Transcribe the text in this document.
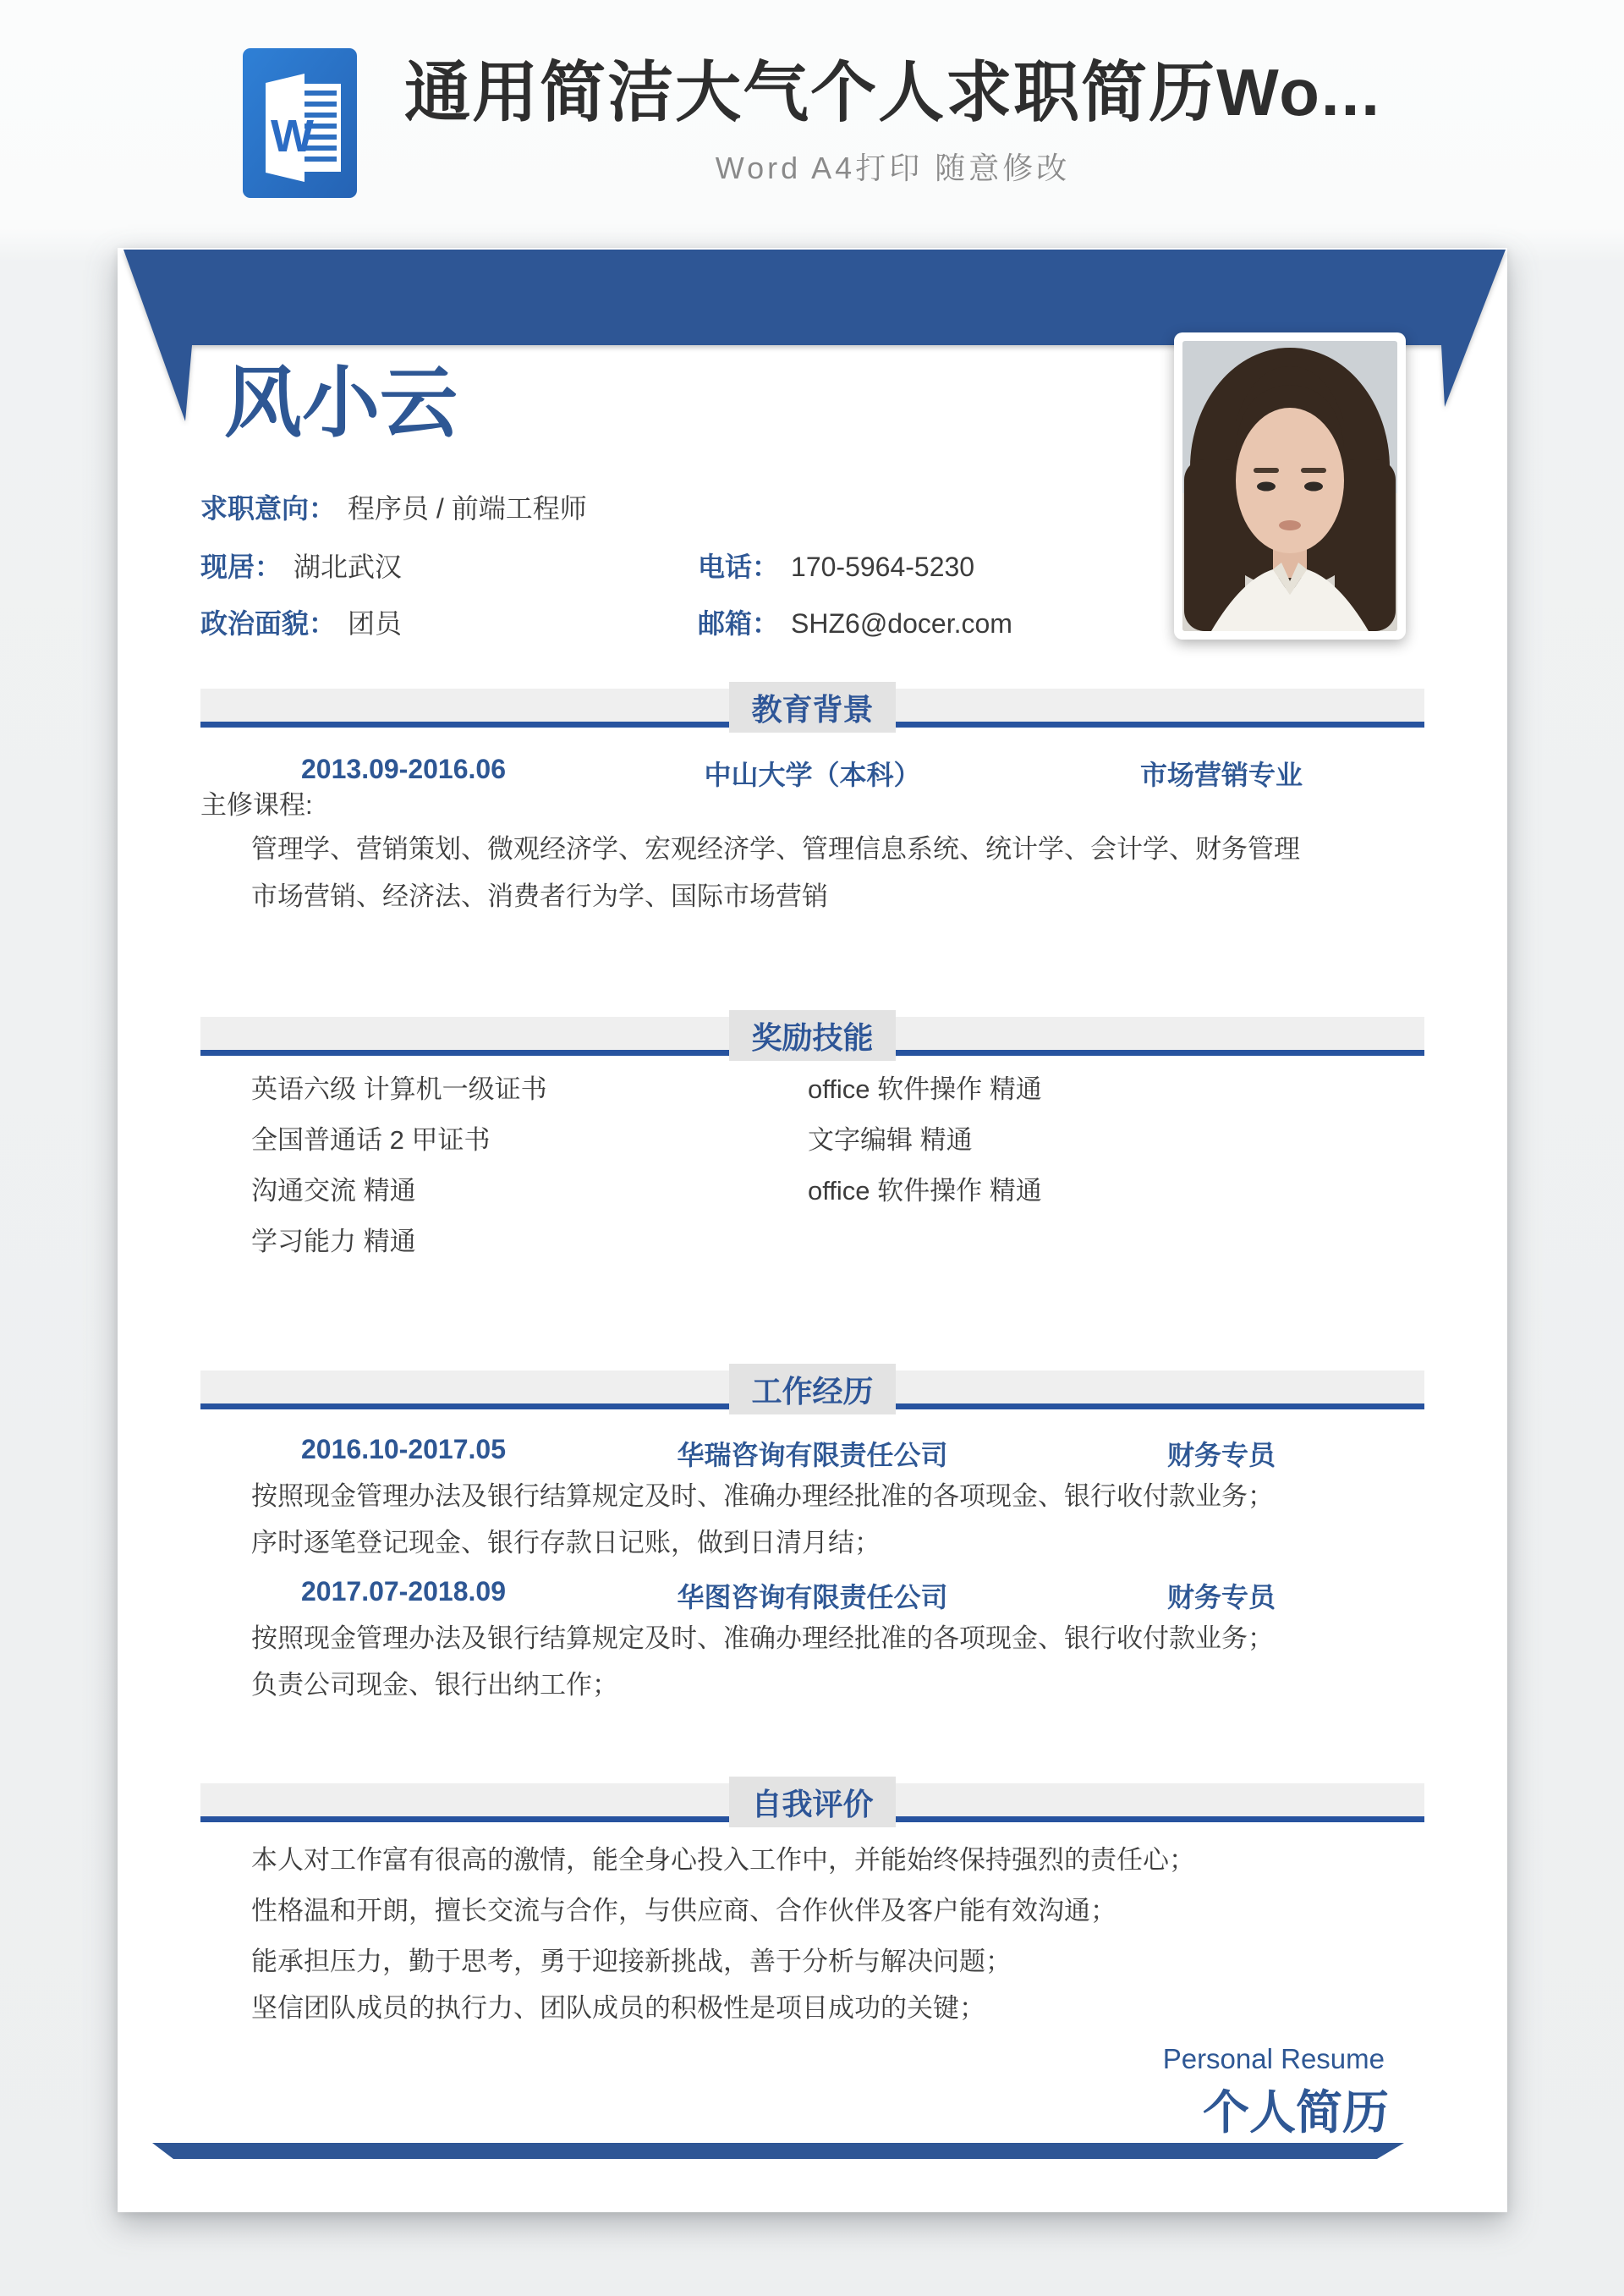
W
通用简洁大气个人求职简历Wo...
Word A4打印 随意修改
风小云
求职意向： 程序员 / 前端工程师
现居： 湖北武汉	电话： 170-5964-5230
政治面貌： 团员	邮箱： SHZ6@docer.com
教育背景
2013.09-2016.06	中山大学（本科）	市场营销专业
主修课程:
管理学、营销策划、微观经济学、宏观经济学、管理信息系统、统计学、会计学、财务管理
市场营销、经济法、消费者行为学、国际市场营销
奖励技能
英语六级 计算机一级证书	office 软件操作 精通
全国普通话 2 甲证书	文字编辑 精通
沟通交流 精通	office 软件操作 精通
学习能力 精通
工作经历
2016.10-2017.05	华瑞咨询有限责任公司	财务专员
按照现金管理办法及银行结算规定及时、准确办理经批准的各项现金、银行收付款业务；
序时逐笔登记现金、银行存款日记账，做到日清月结；
2017.07-2018.09	华图咨询有限责任公司	财务专员
按照现金管理办法及银行结算规定及时、准确办理经批准的各项现金、银行收付款业务；
负责公司现金、银行出纳工作；
自我评价
本人对工作富有很高的激情，能全身心投入工作中，并能始终保持强烈的责任心；
性格温和开朗，擅长交流与合作，与供应商、合作伙伴及客户能有效沟通；
能承担压力，勤于思考，勇于迎接新挑战，善于分析与解决问题；
坚信团队成员的执行力、团队成员的积极性是项目成功的关键；
Personal Resume
个人简历
